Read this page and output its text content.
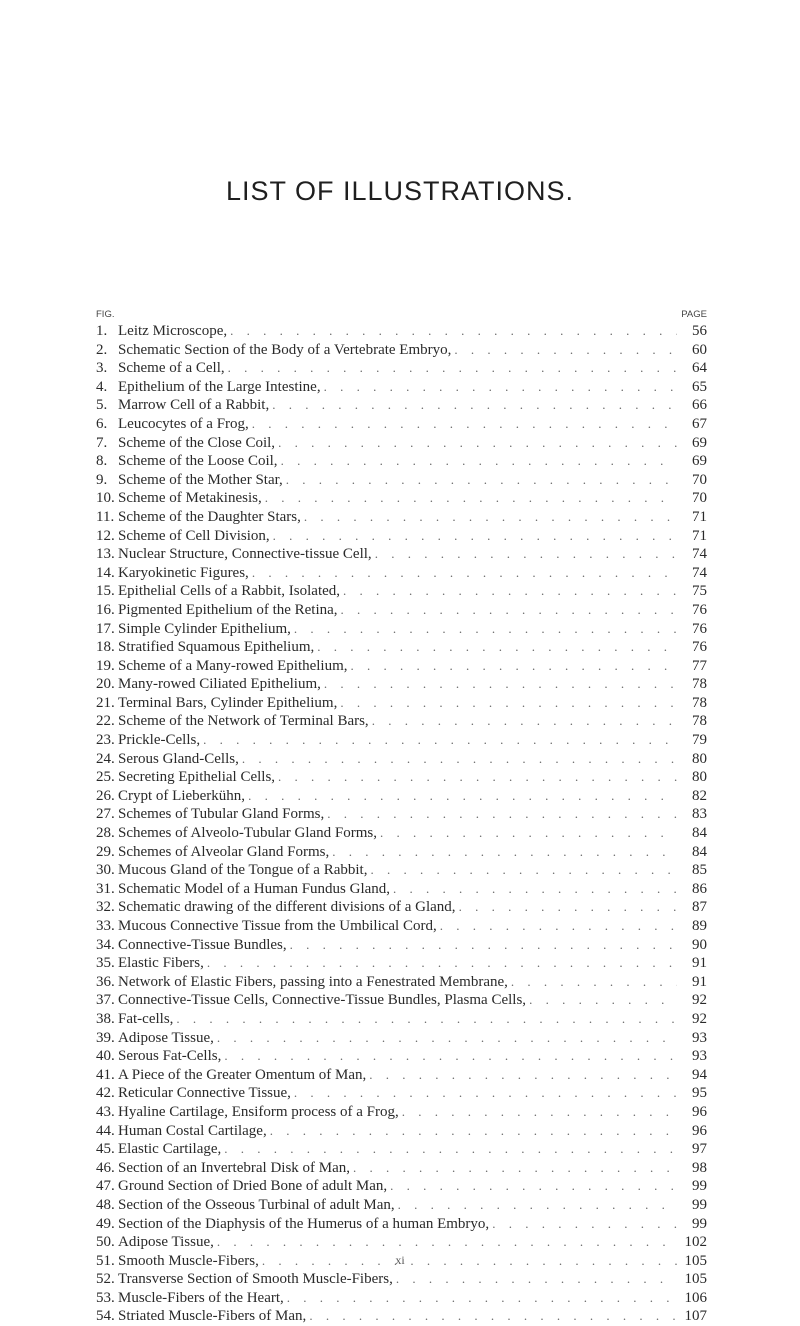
LIST OF ILLUSTRATIONS.
FIG.	PAGE
1. Leitz Microscope, . . .	56
2. Schematic Section of the Body of a Vertebrate Embryo, . . .	60
3. Scheme of a Cell, . . .	64
4. Epithelium of the Large Intestine, . . .	65
5. Marrow Cell of a Rabbit, . . .	66
6. Leucocytes of a Frog, . . .	67
7. Scheme of the Close Coil, . . .	69
8. Scheme of the Loose Coil, . . .	69
9. Scheme of the Mother Star, . . .	70
10. Scheme of Metakinesis, . . .	70
11. Scheme of the Daughter Stars, . . .	71
12. Scheme of Cell Division, . . .	71
13. Nuclear Structure, Connective-tissue Cell, . . .	74
14. Karyokinetic Figures, . . .	74
15. Epithelial Cells of a Rabbit, Isolated, . . .	75
16. Pigmented Epithelium of the Retina, . . .	76
17. Simple Cylinder Epithelium, . . .	76
18. Stratified Squamous Epithelium, . . .	76
19. Scheme of a Many-rowed Epithelium, . . .	77
20. Many-rowed Ciliated Epithelium, . . .	78
21. Terminal Bars, Cylinder Epithelium, . . .	78
22. Scheme of the Network of Terminal Bars, . . .	78
23. Prickle-Cells, . . .	79
24. Serous Gland-Cells, . . .	80
25. Secreting Epithelial Cells, . . .	80
26. Crypt of Lieberkühn, . . .	82
27. Schemes of Tubular Gland Forms, . . .	83
28. Schemes of Alveolo-Tubular Gland Forms, . . .	84
29. Schemes of Alveolar Gland Forms, . . .	84
30. Mucous Gland of the Tongue of a Rabbit, . . .	85
31. Schematic Model of a Human Fundus Gland, . . .	86
32. Schematic drawing of the different divisions of a Gland, . . .	87
33. Mucous Connective Tissue from the Umbilical Cord, . . .	89
34. Connective-Tissue Bundles, . . .	90
35. Elastic Fibers, . . .	91
36. Network of Elastic Fibers, passing into a Fenestrated Membrane, . . .	91
37. Connective-Tissue Cells, Connective-Tissue Bundles, Plasma Cells, . . .	92
38. Fat-cells, . . .	92
39. Adipose Tissue, . . .	93
40. Serous Fat-Cells, . . .	93
41. A Piece of the Greater Omentum of Man, . . .	94
42. Reticular Connective Tissue, . . .	95
43. Hyaline Cartilage, Ensiform process of a Frog, . . .	96
44. Human Costal Cartilage, . . .	96
45. Elastic Cartilage, . . .	97
46. Section of an Invertebral Disk of Man, . . .	98
47. Ground Section of Dried Bone of adult Man, . . .	99
48. Section of the Osseous Turbinal of adult Man, . . .	99
49. Section of the Diaphysis of the Humerus of a human Embryo, . . .	99
50. Adipose Tissue, . . .	102
51. Smooth Muscle-Fibers, . . .	105
52. Transverse Section of Smooth Muscle-Fibers, . . .	105
53. Muscle-Fibers of the Heart, . . .	106
54. Striated Muscle-Fibers of Man, . . .	107
xi
